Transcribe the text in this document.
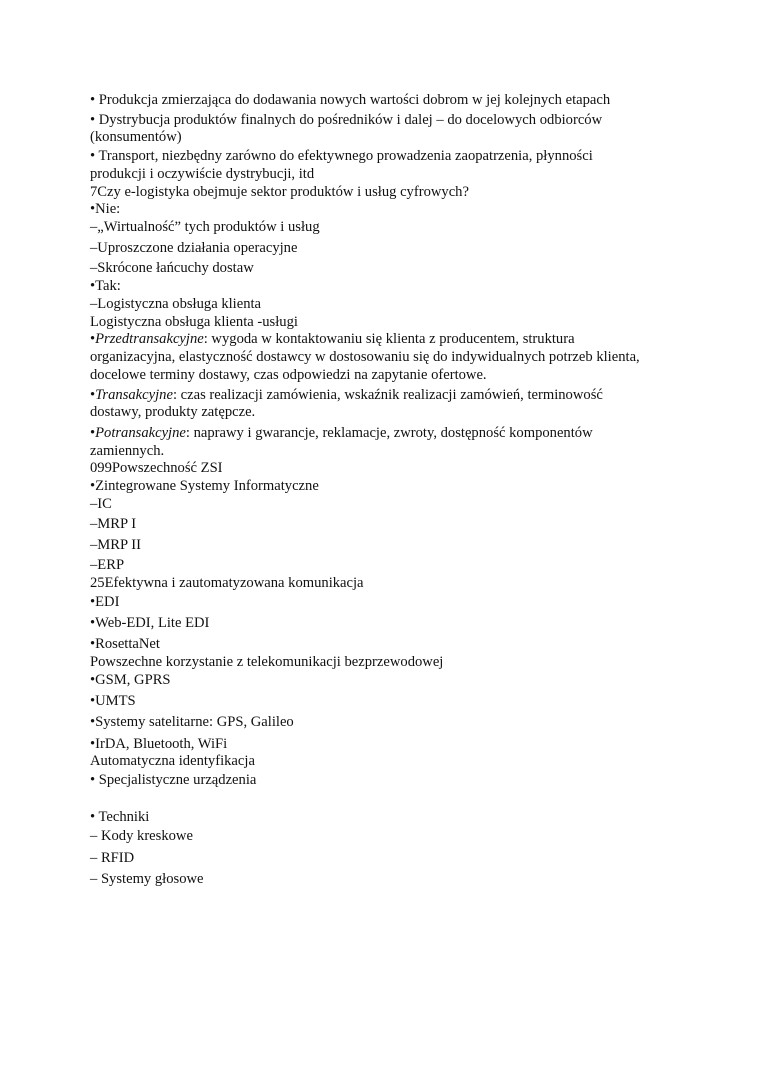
• Produkcja zmierzająca do dodawania nowych wartości dobrom w jej kolejnych etapach
• Dystrybucja produktów finalnych do pośredników i dalej – do docelowych odbiorców
(konsumentów)
• Transport, niezbędny zarówno do efektywnego prowadzenia zaopatrzenia, płynności
produkcji i oczywiście dystrybucji, itd
7Czy e-logistyka obejmuje sektor produktów i usług cyfrowych?
•Nie:
–„Wirtualność” tych produktów i usług
–Uproszczone działania operacyjne
–Skrócone łańcuchy dostaw
•Tak:
–Logistyczna obsługa klienta
Logistyczna obsługa klienta -usługi
•Przedtransakcyjne: wygoda w kontaktowaniu się klienta z producentem, struktura
organizacyjna, elastyczność dostawcy w dostosowaniu się do indywidualnych potrzeb klienta,
docelowe terminy dostawy, czas odpowiedzi na zapytanie ofertowe.
•Transakcyjne: czas realizacji zamówienia, wskaźnik realizacji zamówień, terminowość
dostawy, produkty zatępcze.
•Potransakcyjne: naprawy i gwarancje, reklamacje, zwroty, dostępność komponentów
zamiennych.
099Powszechność ZSI
•Zintegrowane Systemy Informatyczne
–IC
–MRP I
–MRP II
–ERP
25Efektywna i zautomatyzowana komunikacja
•EDI
•Web-EDI, Lite EDI
•RosettaNet
Powszechne korzystanie z telekomunikacji bezprzewodowej
•GSM, GPRS
•UMTS
•Systemy satelitarne: GPS, Galileo
•IrDA, Bluetooth, WiFi
Automatyczna identyfikacja
• Specjalistyczne urządzenia
• Techniki
– Kody kreskowe
– RFID
– Systemy głosowe
